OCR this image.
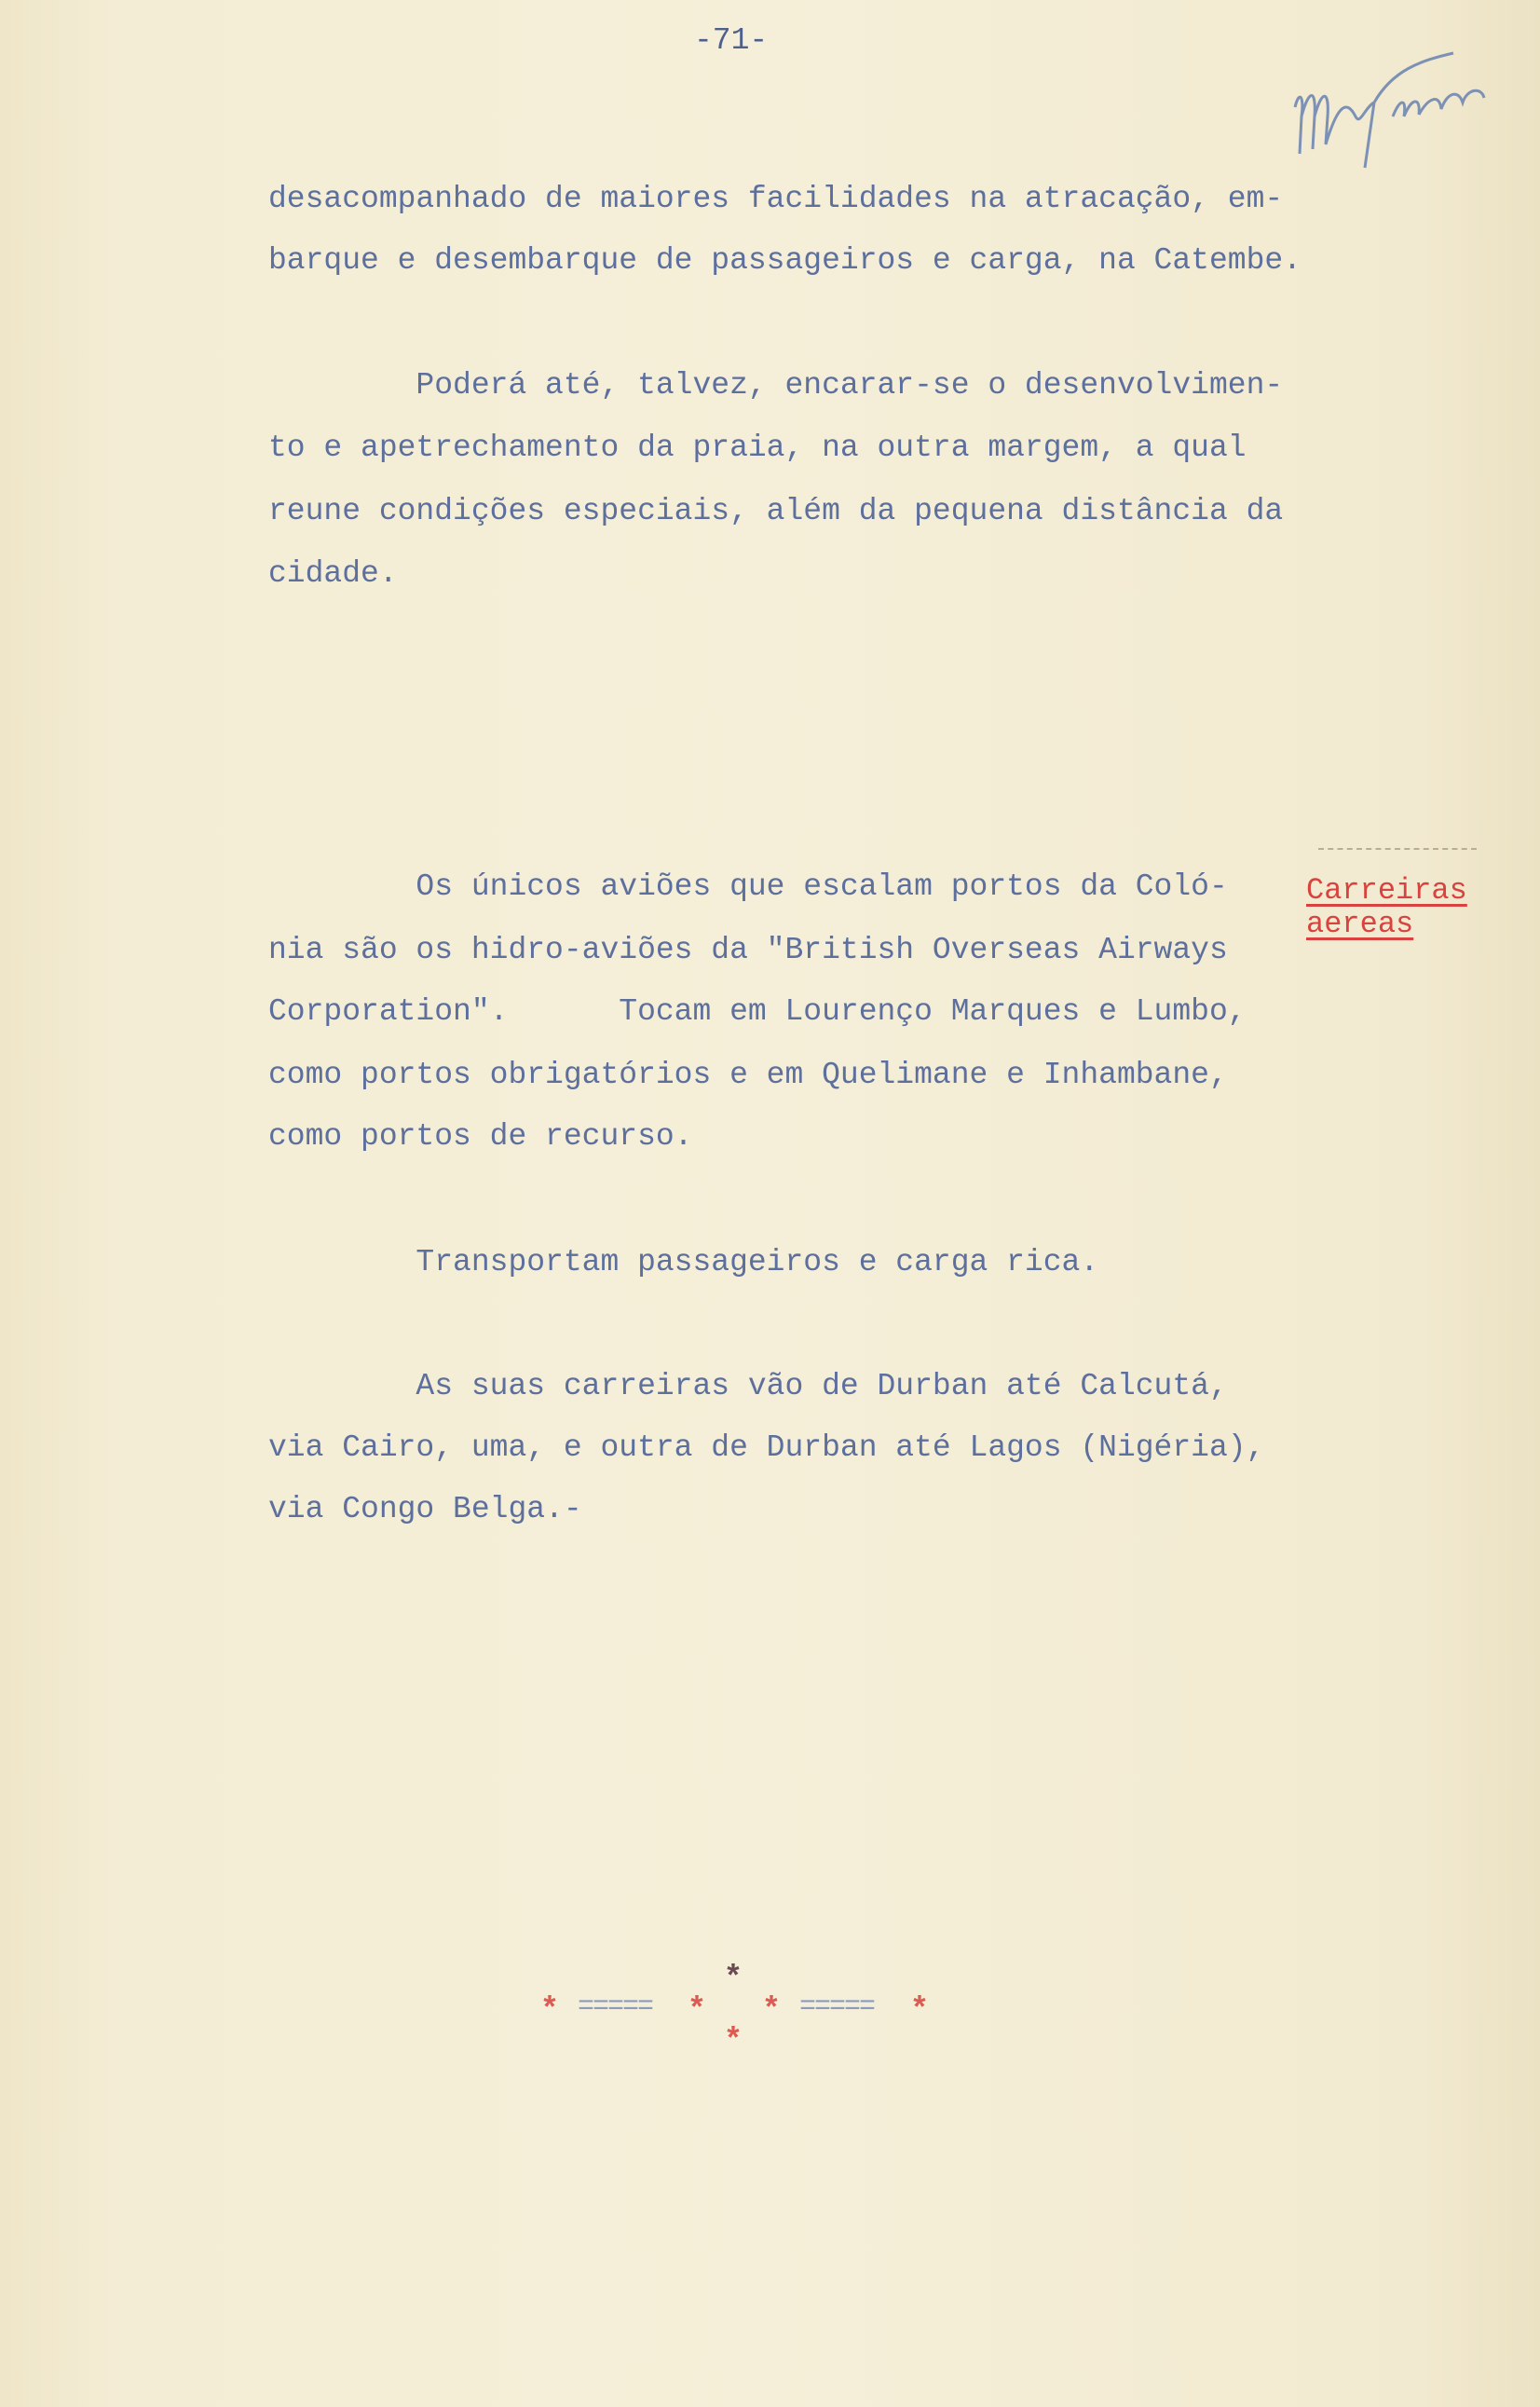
-71-
desacompanhado de maiores facilidades na atracação, em-
barque e desembarque de passageiros e carga, na Catembe.
Poderá até, talvez, encarar-se o desenvolvimen-
to e apetrechamento da praia, na outra margem, a qual
reune condições especiais, além da pequena distância da
cidade.
Os únicos aviões que escalam portos da Coló-
nia são os hidro-aviões da "British Overseas Airways
Corporation".      Tocam em Lourenço Marques e Lumbo,
como portos obrigatórios e em Quelimane e Inhambane,
como portos de recurso.
Carreiras
aereas
Transportam passageiros e carga rica.
As suas carreiras vão de Durban até Calcutá,
via Cairo, uma, e outra de Durban até Lagos (Nigéria),
via Congo Belga.-
*
* ===== * * ===== *
*
